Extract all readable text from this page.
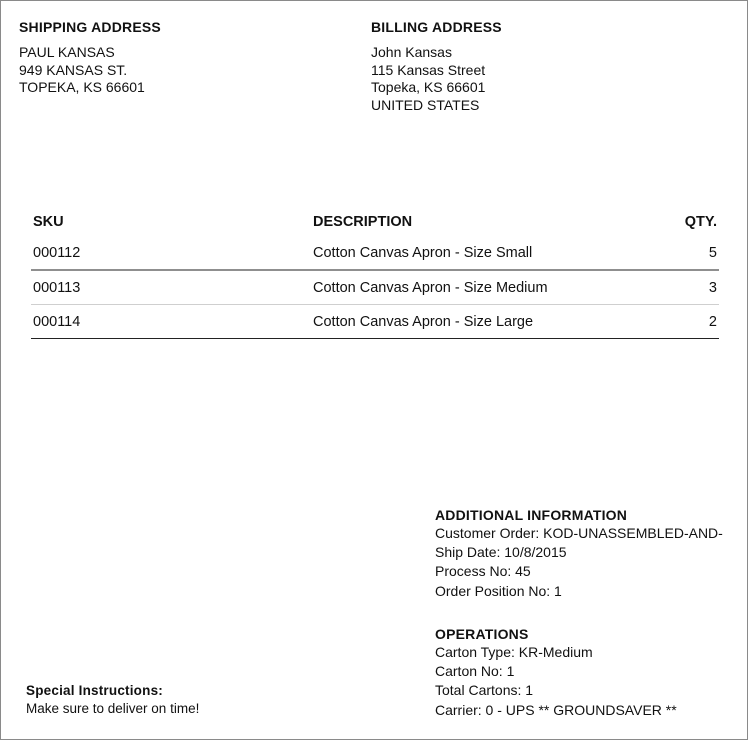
SHIPPING ADDRESS
PAUL KANSAS
949 KANSAS ST.
TOPEKA, KS 66601
BILLING ADDRESS
John Kansas
115 Kansas Street
Topeka, KS 66601
UNITED STATES
SKU	DESCRIPTION	QTY.
000112	Cotton Canvas Apron - Size Small	5
000113	Cotton Canvas Apron - Size Medium	3
000114	Cotton Canvas Apron - Size Large	2
ADDITIONAL INFORMATION
Customer Order: KOD-UNASSEMBLED-AND-
Ship Date: 10/8/2015
Process No: 45
Order Position No: 1
OPERATIONS
Carton Type: KR-Medium
Carton No: 1
Total Cartons: 1
Carrier: 0 - UPS ** GROUNDSAVER **
Special Instructions:
Make sure to deliver on time!
